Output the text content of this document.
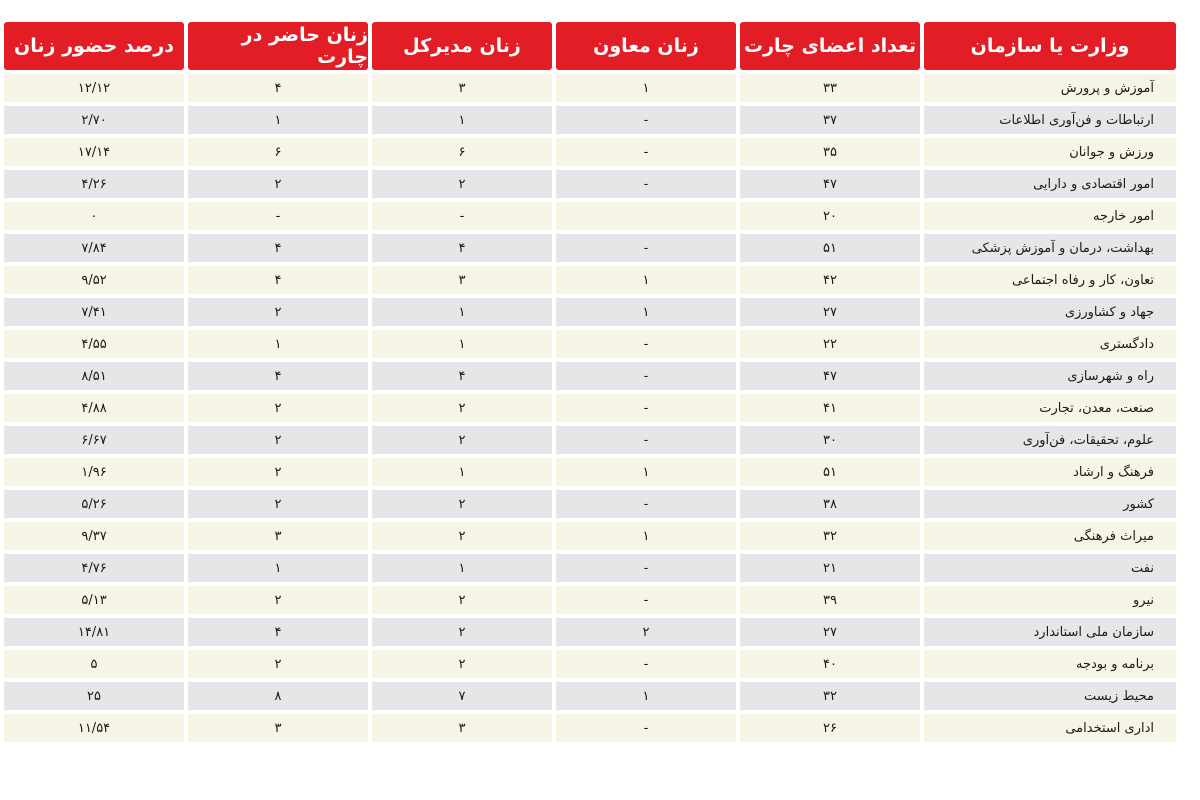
وزارت یا سازمان
تعداد اعضای چارت
زنان معاون
زنان مدیرکل
زنان حاضر در چارت
درصد حضور زنان
آموزش و پرورش
۳۳
۱
۳
۴
۱۲/۱۲
ارتباطات و فن‌آوری اطلاعات
۳۷
-
۱
۱
۲/۷۰
ورزش و جوانان
۳۵
-
۶
۶
۱۷/۱۴
امور اقتصادی و دارایی
۴۷
-
۲
۲
۴/۲۶
امور خارجه
۲۰
-
-
۰
بهداشت، درمان و آموزش پزشکی
۵۱
-
۴
۴
۷/۸۴
تعاون، کار و رفاه اجتماعی
۴۲
۱
۳
۴
۹/۵۲
جهاد و کشاورزی
۲۷
۱
۱
۲
۷/۴۱
دادگستری
۲۲
-
۱
۱
۴/۵۵
راه و شهرسازی
۴۷
-
۴
۴
۸/۵۱
صنعت، معدن، تجارت
۴۱
-
۲
۲
۴/۸۸
علوم، تحقیقات، فن‌آوری
۳۰
-
۲
۲
۶/۶۷
فرهنگ و ارشاد
۵۱
۱
۱
۲
۱/۹۶
کشور
۳۸
-
۲
۲
۵/۲۶
میراث فرهنگی
۳۲
۱
۲
۳
۹/۳۷
نفت
۲۱
-
۱
۱
۴/۷۶
نیرو
۳۹
-
۲
۲
۵/۱۳
سازمان ملی استاندارد
۲۷
۲
۲
۴
۱۴/۸۱
برنامه و بودجه
۴۰
-
۲
۲
۵
محیط زیست
۳۲
۱
۷
۸
۲۵
اداری استخدامی
۲۶
-
۳
۳
۱۱/۵۴
